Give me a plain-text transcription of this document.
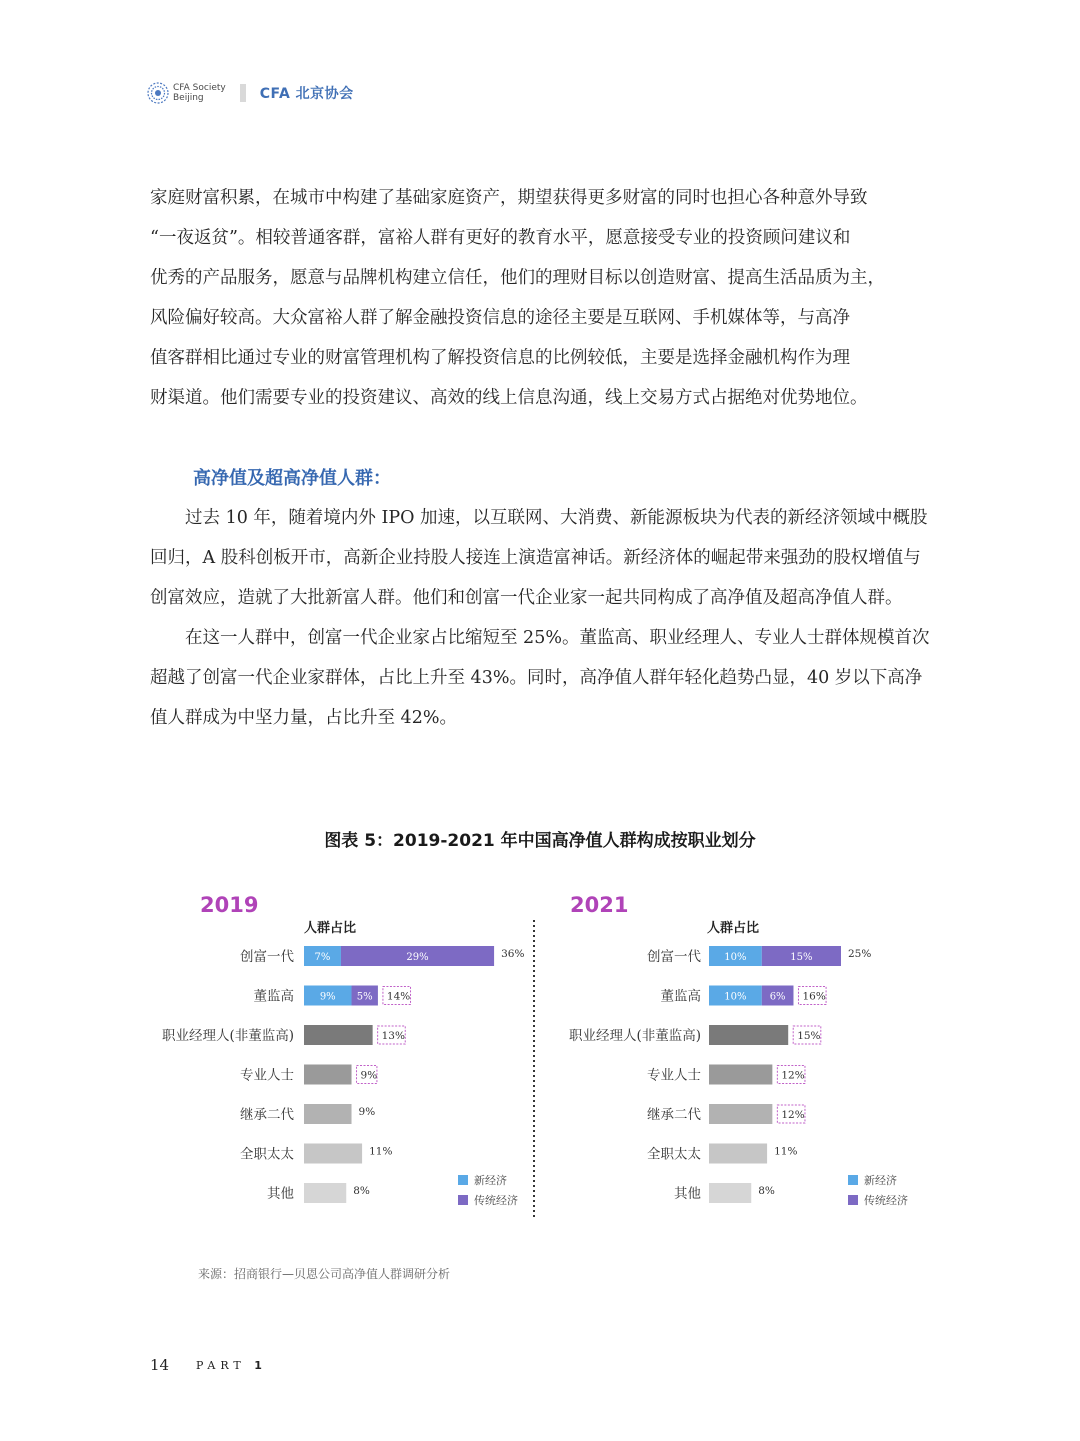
CFA Society
Beijing	CFA 北京协会

家庭财富积累，在城市中构建了基础家庭资产，期望获得更多财富的同时也担心各种意外导致

“一夜返贫”。相较普通客群，富裕人群有更好的教育水平，愿意接受专业的投资顾问建议和

优秀的产品服务，愿意与品牌机构建立信任，他们的理财目标以创造财富、提高生活品质为主，

风险偏好较高。大众富裕人群了解金融投资信息的途径主要是互联网、手机媒体等，与高净

值客群相比通过专业的财富管理机构了解投资信息的比例较低，主要是选择金融机构作为理

财渠道。他们需要专业的投资建议、高效的线上信息沟通，线上交易方式占据绝对优势地位。

高净值及超高净值人群：

过去 10 年，随着境内外 IPO 加速，以互联网、大消费、新能源板块为代表的新经济领域中概股回归，A 股科创板开市，高新企业持股人接连上演造富神话。新经济体的崛起带来强劲的股权增值与创富效应，造就了大批新富人群。他们和创富一代企业家一起共同构成了高净值及超高净值人群。

在这一人群中，创富一代企业家占比缩短至 25%。董监高、职业经理人、专业人士群体规模首次超越了创富一代企业家群体，占比上升至 43%。同时，高净值人群年轻化趋势凸显，40 岁以下高净值人群成为中坚力量，占比升至 42%。

图表 5：2019-2021 年中国高净值人群构成按职业划分
2019
人群占比
创富一代 7%	29%	36%
董监高	9% 5% 14%
职业经理人(非董监高)	13%
专业人士	9%
继承二代	9%
全职太太	11%
其他	8%
新经济
传统经济
2021
人群占比
创富一代 10%	15%	25%
董监高 10% 6% 16%
职业经理人(非董监高)	15%
专业人士	12%
继承二代	12%
全职太太	11%
其他	8%
新经济
传统经济
来源：招商银行—贝恩公司高净值人群调研分析
14 PART 1
